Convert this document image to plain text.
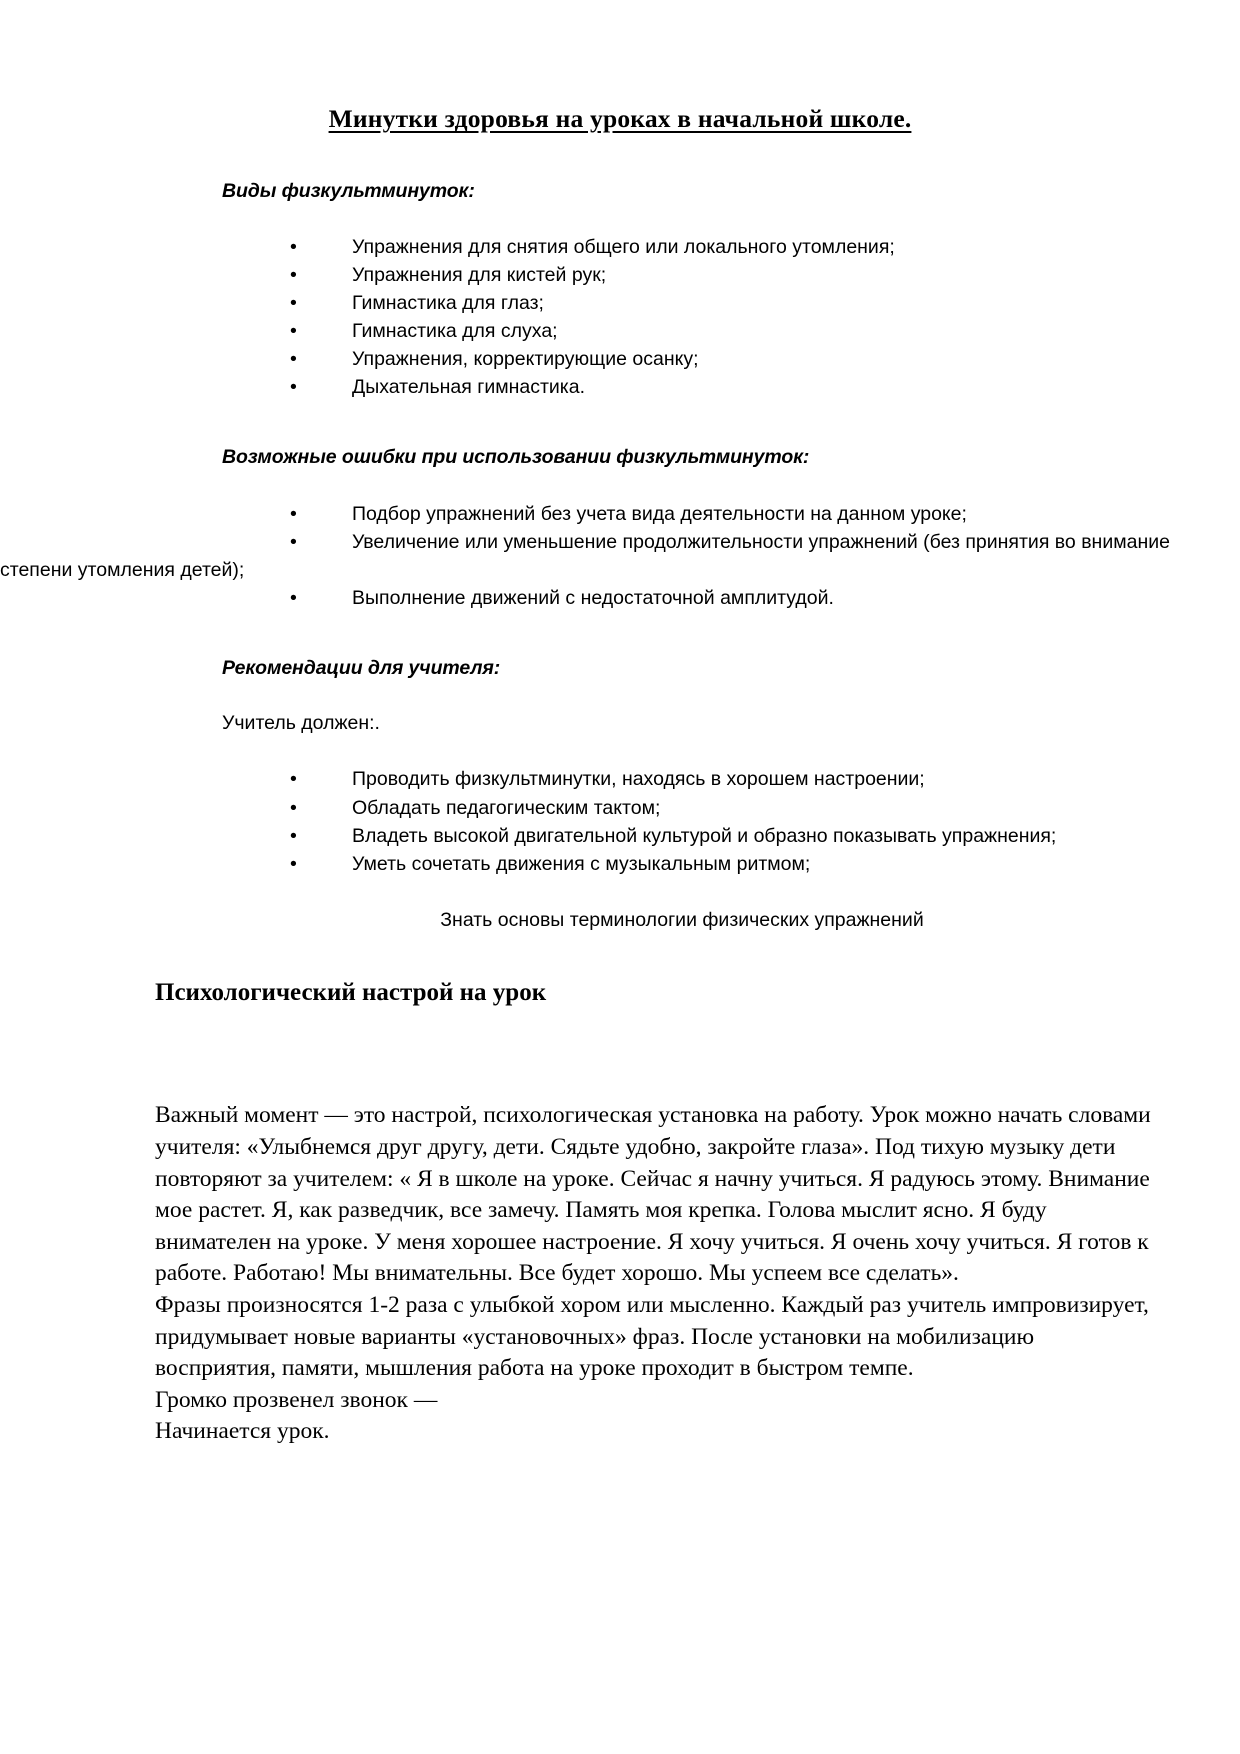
Минутки здоровья на уроках в начальной школе.

Виды физкультминуток:

•	Упражнения для снятия общего или локального утомления;
•	Упражнения для кистей рук;
•	Гимнастика для глаз;
•	Гимнастика для слуха;
•	Упражнения, корректирующие осанку;
•	Дыхательная гимнастика.

Возможные ошибки при использовании физкультминуток:

•	Подбор упражнений без учета вида деятельности на данном уроке;
•	Увеличение или уменьшение продолжительности упражнений (без принятия во внимание степени утомления детей);
•	Выполнение движений с недостаточной амплитудой.

Рекомендации для учителя:

Учитель должен:.

•	Проводить физкультминутки, находясь в хорошем настроении;
•	Обладать педагогическим тактом;
•	Владеть высокой двигательной культурой и образно показывать упражнения;
•	Уметь сочетать движения с музыкальным ритмом;

Знать основы терминологии физических упражнений

Психологический настрой на урок

Важный момент — это настрой, психологическая установка на работу. Урок можно начать словами учителя: «Улыбнемся друг другу, дети. Сядьте удобно, закройте глаза». Под тихую музыку дети повторяют за учителем: « Я в школе на уроке. Сейчас я начну учиться. Я радуюсь этому. Внимание мое растет. Я, как разведчик, все замечу. Память моя крепка. Голова мыслит ясно. Я буду внимателен на уроке. У меня хорошее настроение. Я хочу учиться. Я очень хочу учиться. Я готов к работе. Работаю! Мы внимательны. Все будет хорошо. Мы успеем все сделать».

Фразы произносятся 1-2 раза с улыбкой хором или мысленно. Каждый раз учитель импровизирует, придумывает новые варианты «установочных» фраз. После установки на мобилизацию восприятия, памяти, мышления работа на уроке проходит в быстром темпе.

Громко прозвенел звонок —

Начинается урок.
